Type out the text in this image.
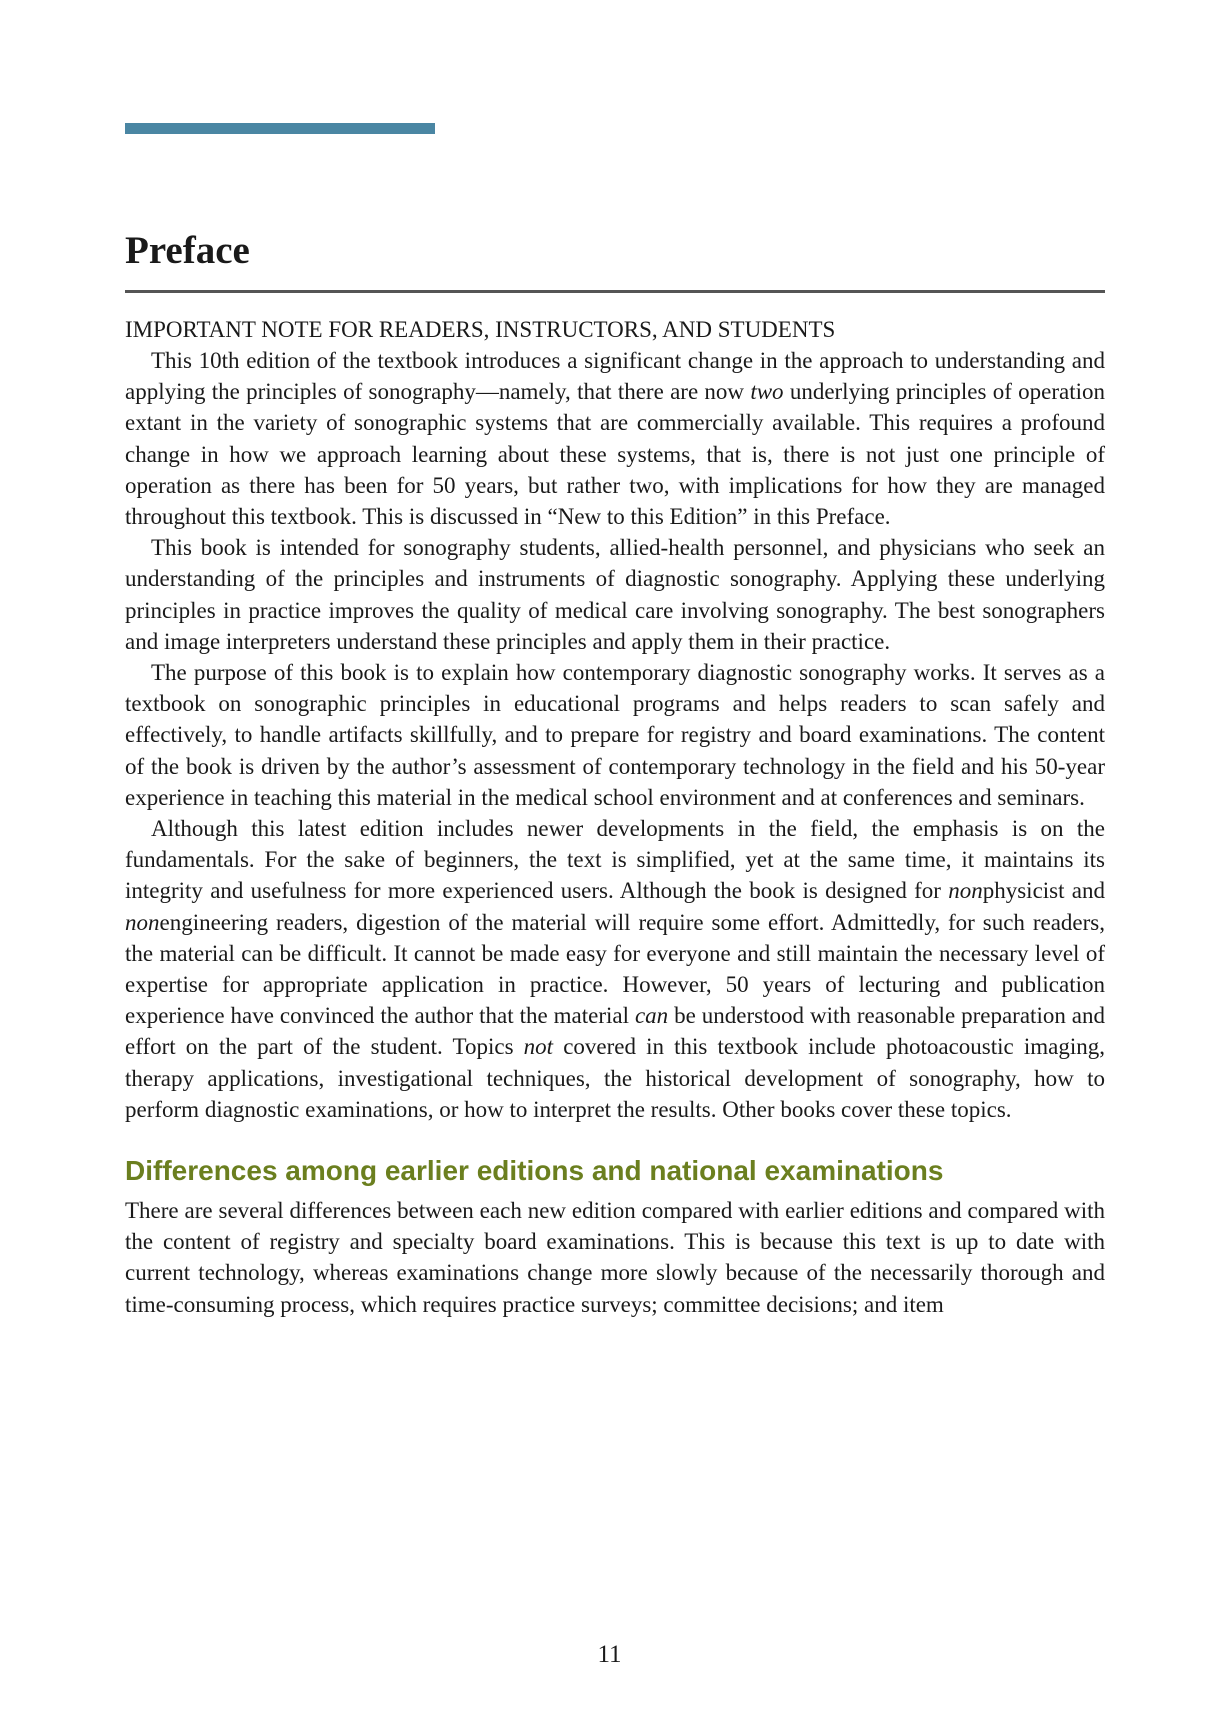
Preface

IMPORTANT NOTE FOR READERS, INSTRUCTORS, AND STUDENTS

This 10th edition of the textbook introduces a significant change in the approach to understanding and applying the principles of sonography—namely, that there are now two underlying principles of operation extant in the variety of sonographic systems that are commercially available. This requires a profound change in how we approach learning about these systems, that is, there is not just one principle of operation as there has been for 50 years, but rather two, with implications for how they are managed throughout this textbook. This is discussed in “New to this Edition” in this Preface.

This book is intended for sonography students, allied-health personnel, and physicians who seek an understanding of the principles and instruments of diagnostic sonography. Applying these underlying principles in practice improves the quality of medical care involving sonography. The best sonographers and image interpreters understand these principles and apply them in their practice.

The purpose of this book is to explain how contemporary diagnostic sonography works. It serves as a textbook on sonographic principles in educational programs and helps readers to scan safely and effectively, to handle artifacts skillfully, and to prepare for registry and board examinations. The content of the book is driven by the author’s assessment of contemporary technology in the field and his 50-year experience in teaching this material in the medical school environment and at conferences and seminars.

Although this latest edition includes newer developments in the field, the emphasis is on the fundamentals. For the sake of beginners, the text is simplified, yet at the same time, it maintains its integrity and usefulness for more experienced users. Although the book is designed for nonphysicist and nonengineering readers, digestion of the material will require some effort. Admittedly, for such readers, the material can be difficult. It cannot be made easy for everyone and still maintain the necessary level of expertise for appropriate application in practice. However, 50 years of lecturing and publication experience have convinced the author that the material can be understood with reasonable preparation and effort on the part of the student. Topics not covered in this textbook include photoacoustic imaging, therapy applications, investigational techniques, the historical development of sonography, how to perform diagnostic examinations, or how to interpret the results. Other books cover these topics.

Differences among earlier editions and national examinations

There are several differences between each new edition compared with earlier editions and compared with the content of registry and specialty board examinations. This is because this text is up to date with current technology, whereas examinations change more slowly because of the necessarily thorough and time-consuming process, which requires practice surveys; committee decisions; and item

11
